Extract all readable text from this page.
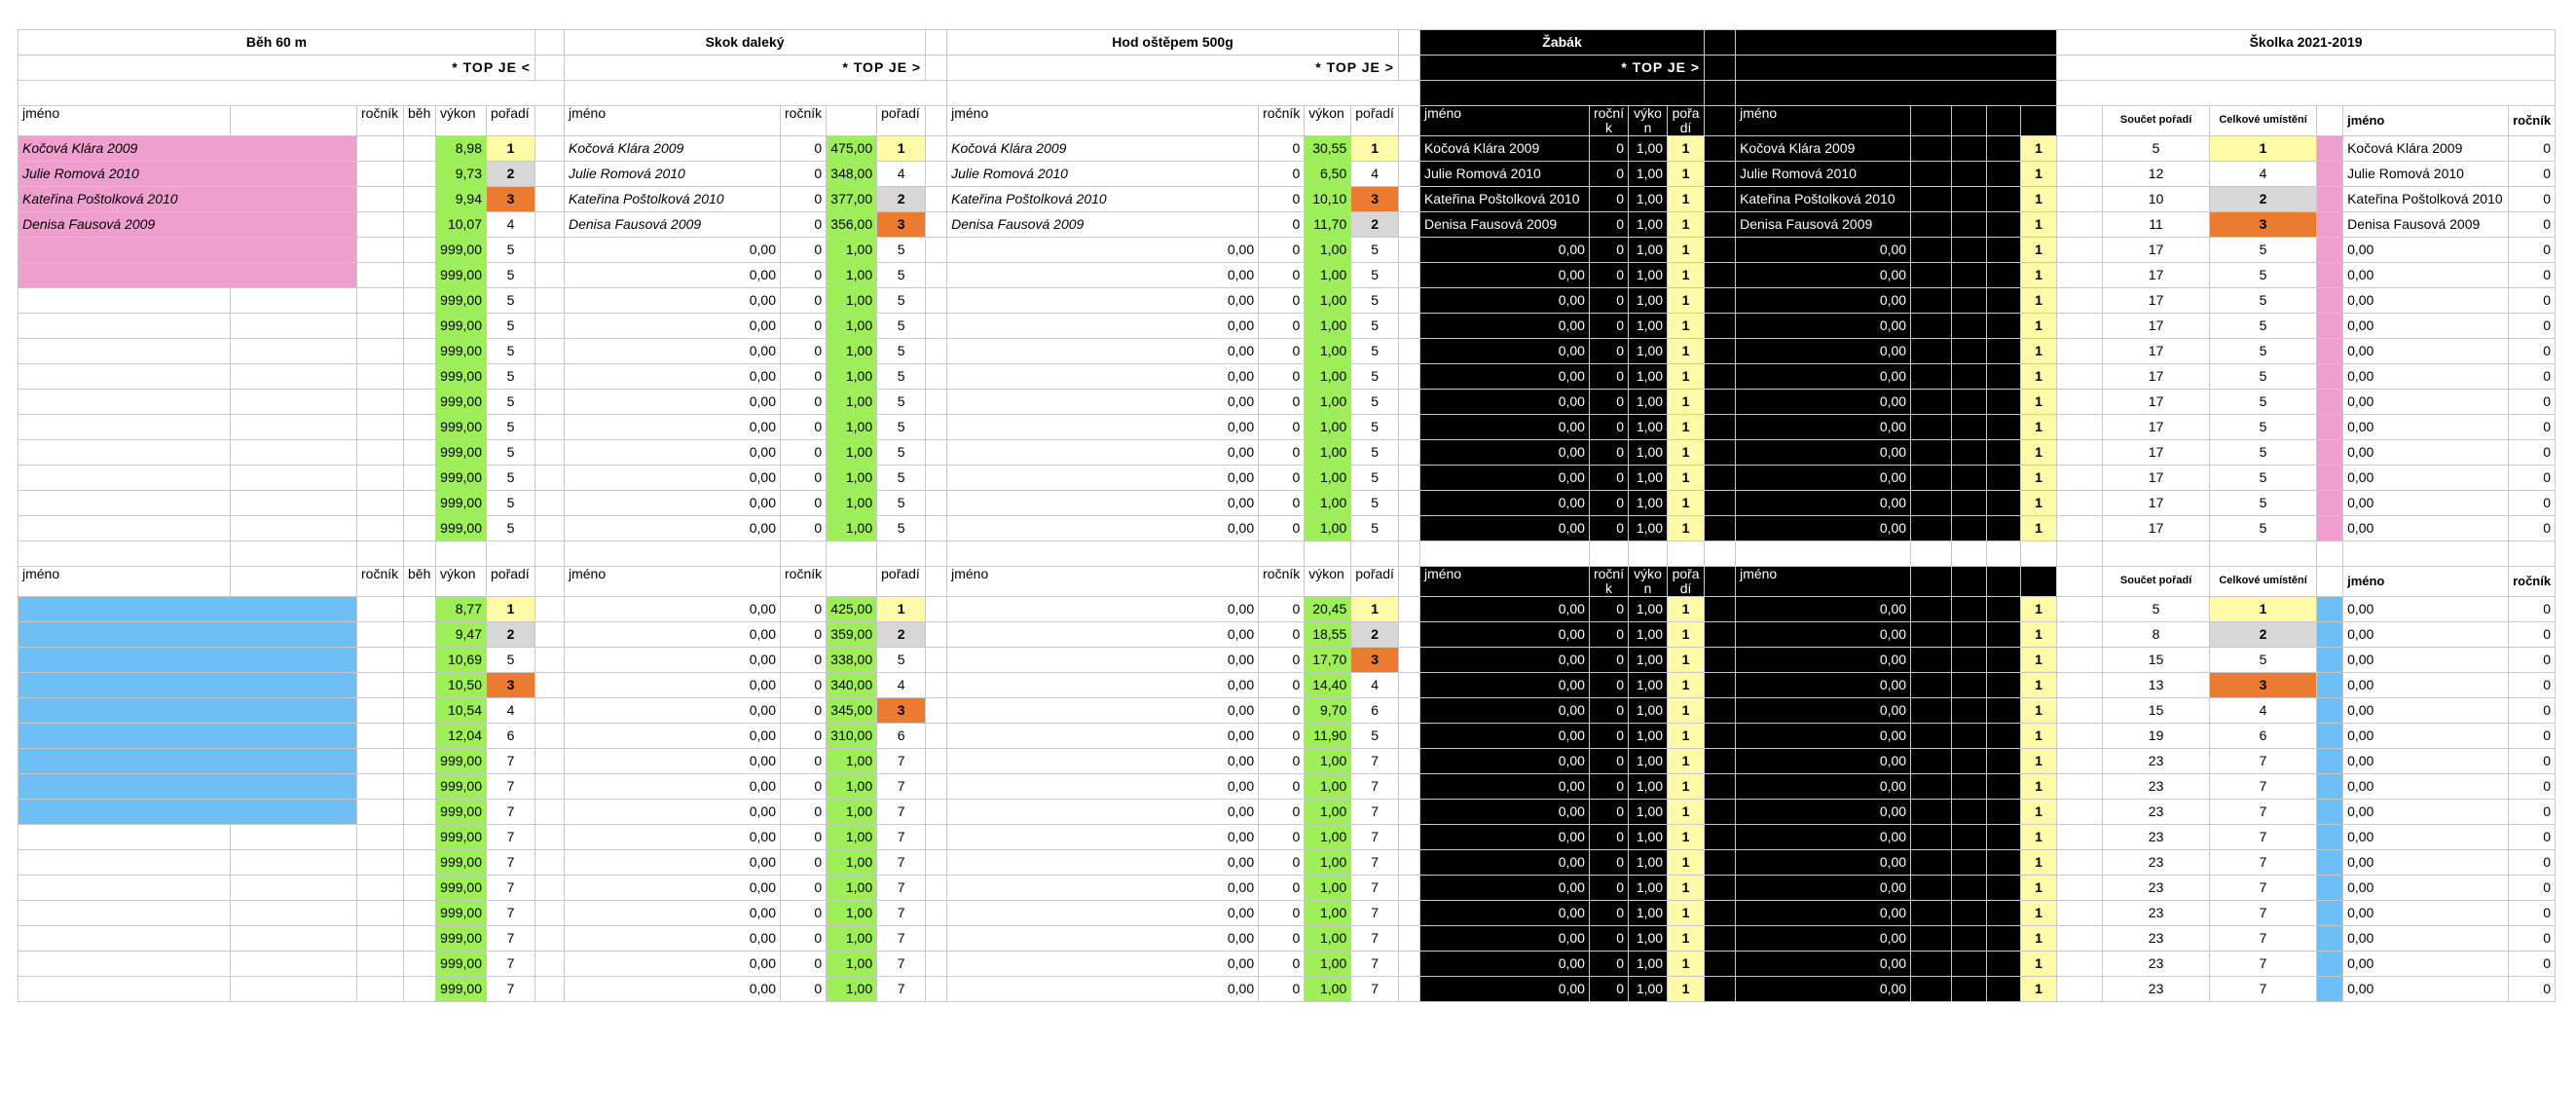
Běh 60 m							Skok daleký					Hod oštěpem 500g					Žabák										Školka 2021-2019					
* TOP JE <							* TOP JE >					* TOP JE >					* TOP JE >															

jméno		ročník	běh	výkon	pořadí		jméno	ročník		pořadí		jméno	ročník	výkon	pořadí		jméno	roční k	výko n	pořa dí		jméno						Součet pořadí	Celkové umístění		jméno	ročník
Kočová Klára 2009				8,98	1		Kočová Klára 2009	0	475,00	1		Kočová Klára 2009	0	30,55	1		Kočová Klára 2009	0	1,00	1		Kočová Klára 2009				1		5	1		Kočová Klára 2009	0
Julie Romová 2010				9,73	2		Julie Romová 2010	0	348,00	4		Julie Romová 2010	0	6,50	4		Julie Romová 2010	0	1,00	1		Julie Romová 2010				1		12	4		Julie Romová 2010	0
Kateřina Poštolková 2010				9,94	3		Kateřina Poštolková 2010	0	377,00	2		Kateřina Poštolková 2010	0	10,10	3		Kateřina Poštolková 2010	0	1,00	1		Kateřina Poštolková 2010				1		10	2		Kateřina Poštolková 2010	0
Denisa Fausová 2009				10,07	4		Denisa Fausová 2009	0	356,00	3		Denisa Fausová 2009	0	11,70	2		Denisa Fausová 2009	0	1,00	1		Denisa Fausová 2009				1		11	3		Denisa Fausová 2009	0
				999,00	5		0,00	0	1,00	5		0,00	0	1,00	5		0,00	0	1,00	1		0,00				1		17	5		0,00	0
				999,00	5		0,00	0	1,00	5		0,00	0	1,00	5		0,00	0	1,00	1		0,00				1		17	5		0,00	0
				999,00	5		0,00	0	1,00	5		0,00	0	1,00	5		0,00	0	1,00	1		0,00				1		17	5		0,00	0
				999,00	5		0,00	0	1,00	5		0,00	0	1,00	5		0,00	0	1,00	1		0,00				1		17	5		0,00	0
				999,00	5		0,00	0	1,00	5		0,00	0	1,00	5		0,00	0	1,00	1		0,00				1		17	5		0,00	0
				999,00	5		0,00	0	1,00	5		0,00	0	1,00	5		0,00	0	1,00	1		0,00				1		17	5		0,00	0
				999,00	5		0,00	0	1,00	5		0,00	0	1,00	5		0,00	0	1,00	1		0,00				1		17	5		0,00	0
				999,00	5		0,00	0	1,00	5		0,00	0	1,00	5		0,00	0	1,00	1		0,00				1		17	5		0,00	0
				999,00	5		0,00	0	1,00	5		0,00	0	1,00	5		0,00	0	1,00	1		0,00				1		17	5		0,00	0
				999,00	5		0,00	0	1,00	5		0,00	0	1,00	5		0,00	0	1,00	1		0,00				1		17	5		0,00	0
				999,00	5		0,00	0	1,00	5		0,00	0	1,00	5		0,00	0	1,00	1		0,00				1		17	5		0,00	0
				999,00	5		0,00	0	1,00	5		0,00	0	1,00	5		0,00	0	1,00	1		0,00				1		17	5		0,00	0

jméno		ročník	běh	výkon	pořadí		jméno	ročník		pořadí		jméno	ročník	výkon	pořadí		jméno	roční k	výko n	pořa dí		jméno						Součet pořadí	Celkové umístění		jméno	ročník
				8,77	1		0,00	0	425,00	1		0,00	0	20,45	1		0,00	0	1,00	1		0,00				1		5	1		0,00	0
				9,47	2		0,00	0	359,00	2		0,00	0	18,55	2		0,00	0	1,00	1		0,00				1		8	2		0,00	0
				10,69	5		0,00	0	338,00	5		0,00	0	17,70	3		0,00	0	1,00	1		0,00				1		15	5		0,00	0
				10,50	3		0,00	0	340,00	4		0,00	0	14,40	4		0,00	0	1,00	1		0,00				1		13	3		0,00	0
				10,54	4		0,00	0	345,00	3		0,00	0	9,70	6		0,00	0	1,00	1		0,00				1		15	4		0,00	0
				12,04	6		0,00	0	310,00	6		0,00	0	11,90	5		0,00	0	1,00	1		0,00				1		19	6		0,00	0
				999,00	7		0,00	0	1,00	7		0,00	0	1,00	7		0,00	0	1,00	1		0,00				1		23	7		0,00	0
				999,00	7		0,00	0	1,00	7		0,00	0	1,00	7		0,00	0	1,00	1		0,00				1		23	7		0,00	0
				999,00	7		0,00	0	1,00	7		0,00	0	1,00	7		0,00	0	1,00	1		0,00				1		23	7		0,00	0
				999,00	7		0,00	0	1,00	7		0,00	0	1,00	7		0,00	0	1,00	1		0,00				1		23	7		0,00	0
				999,00	7		0,00	0	1,00	7		0,00	0	1,00	7		0,00	0	1,00	1		0,00				1		23	7		0,00	0
				999,00	7		0,00	0	1,00	7		0,00	0	1,00	7		0,00	0	1,00	1		0,00				1		23	7		0,00	0
				999,00	7		0,00	0	1,00	7		0,00	0	1,00	7		0,00	0	1,00	1		0,00				1		23	7		0,00	0
				999,00	7		0,00	0	1,00	7		0,00	0	1,00	7		0,00	0	1,00	1		0,00				1		23	7		0,00	0
				999,00	7		0,00	0	1,00	7		0,00	0	1,00	7		0,00	0	1,00	1		0,00				1		23	7		0,00	0
				999,00	7		0,00	0	1,00	7		0,00	0	1,00	7		0,00	0	1,00	1		0,00				1		23	7		0,00	0
